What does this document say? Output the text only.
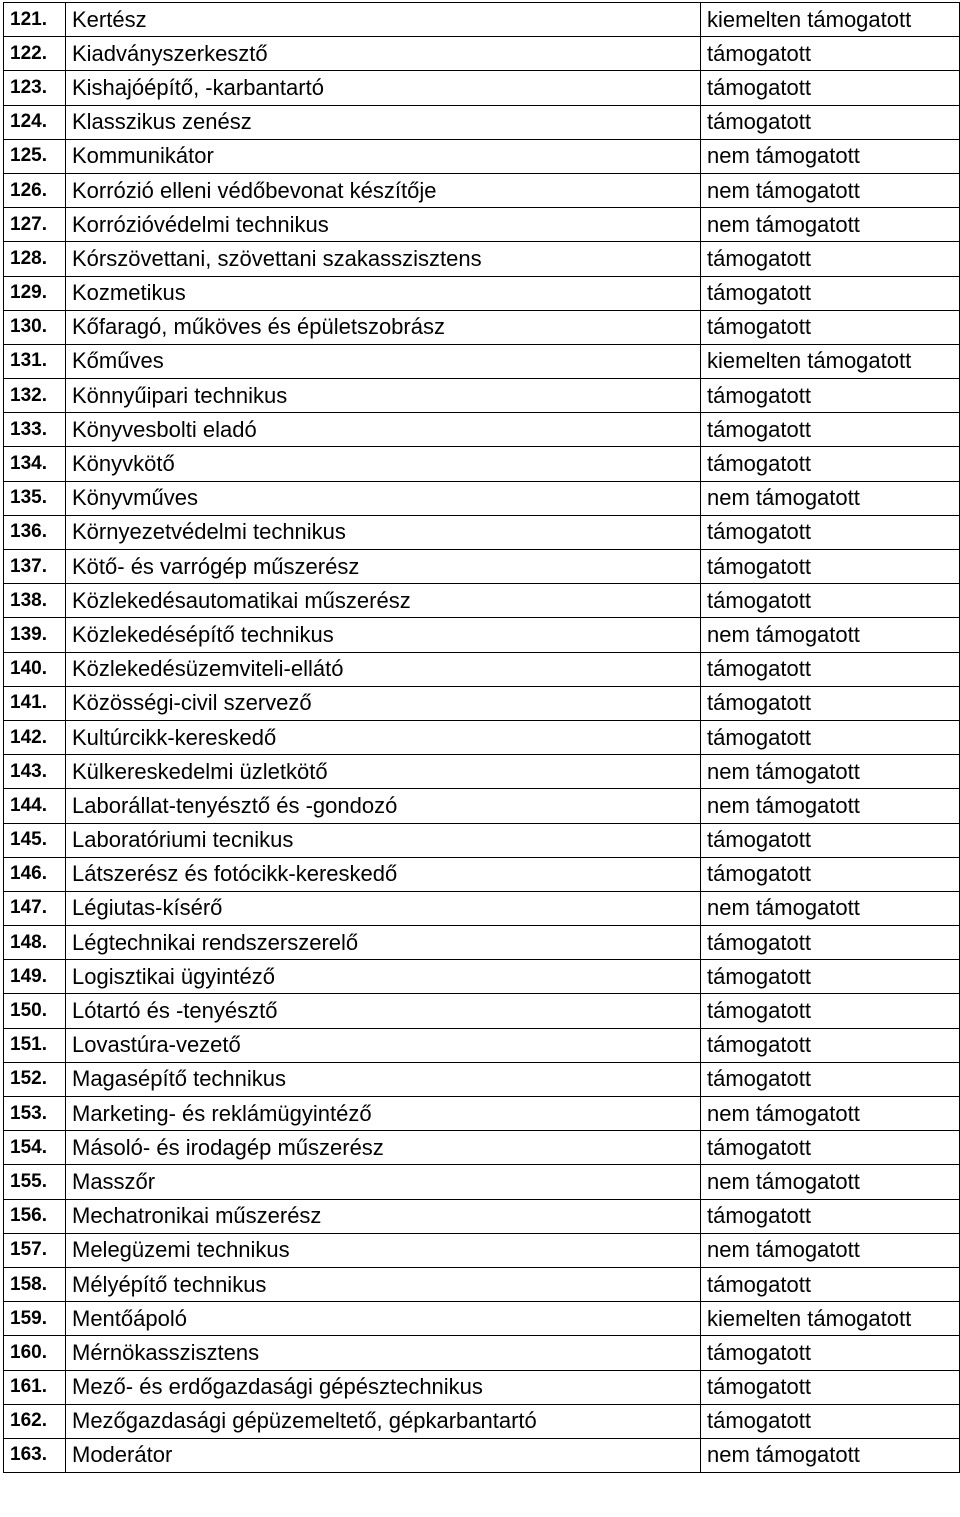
121.	Kertész	kiemelten támogatott
122.	Kiadványszerkesztő	támogatott
123.	Kishajóépítő, -karbantartó	támogatott
124.	Klasszikus zenész	támogatott
125.	Kommunikátor	nem támogatott
126.	Korrózió elleni védőbevonat készítője	nem támogatott
127.	Korrózióvédelmi technikus	nem támogatott
128.	Kórszövettani, szövettani szakasszisztens	támogatott
129.	Kozmetikus	támogatott
130.	Kőfaragó, műköves és épületszobrász	támogatott
131.	Kőműves	kiemelten támogatott
132.	Könnyűipari technikus	támogatott
133.	Könyvesbolti eladó	támogatott
134.	Könyvkötő	támogatott
135.	Könyvműves	nem támogatott
136.	Környezetvédelmi technikus	támogatott
137.	Kötő- és varrógép műszerész	támogatott
138.	Közlekedésautomatikai műszerész	támogatott
139.	Közlekedésépítő technikus	nem támogatott
140.	Közlekedésüzemviteli-ellátó	támogatott
141.	Közösségi-civil szervező	támogatott
142.	Kultúrcikk-kereskedő	támogatott
143.	Külkereskedelmi üzletkötő	nem támogatott
144.	Laborállat-tenyésztő és -gondozó	nem támogatott
145.	Laboratóriumi tecnikus	támogatott
146.	Látszerész és fotócikk-kereskedő	támogatott
147.	Légiutas-kísérő	nem támogatott
148.	Légtechnikai rendszerszerelő	támogatott
149.	Logisztikai ügyintéző	támogatott
150.	Lótartó és -tenyésztő	támogatott
151.	Lovastúra-vezető	támogatott
152.	Magasépítő technikus	támogatott
153.	Marketing- és reklámügyintéző	nem támogatott
154.	Másoló- és irodagép műszerész	támogatott
155.	Masszőr	nem támogatott
156.	Mechatronikai műszerész	támogatott
157.	Melegüzemi technikus	nem támogatott
158.	Mélyépítő technikus	támogatott
159.	Mentőápoló	kiemelten támogatott
160.	Mérnökasszisztens	támogatott
161.	Mező- és erdőgazdasági gépésztechnikus	támogatott
162.	Mezőgazdasági gépüzemeltető, gépkarbantartó	támogatott
163.	Moderátor	nem támogatott
